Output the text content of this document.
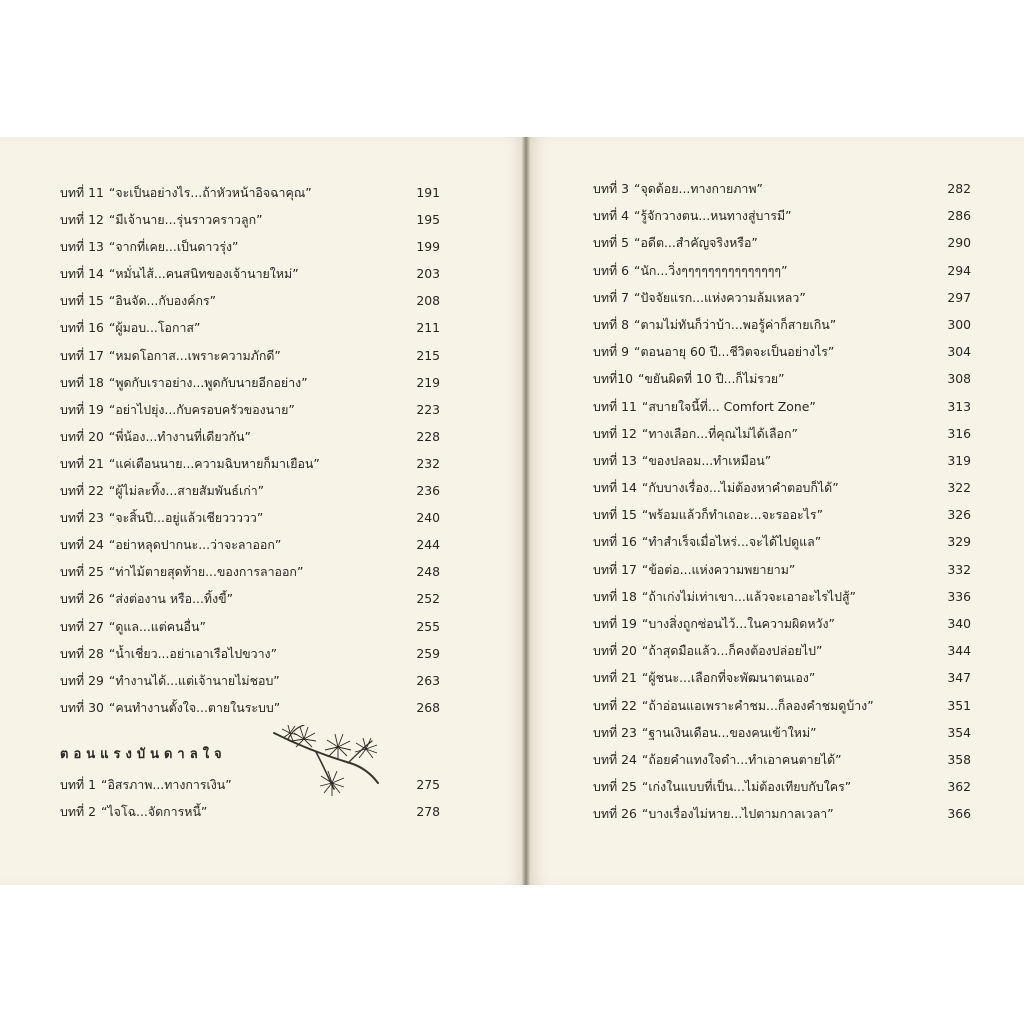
บทที่ 11 “จะเป็นอย่างไร...ถ้าหัวหน้าอิจฉาคุณ”	191
บทที่ 12 “มีเจ้านาย...รุ่นราวคราวลูก”	195
บทที่ 13 “จากที่เคย...เป็นดาวรุ่ง”	199
บทที่ 14 “หมั่นไส้...คนสนิทของเจ้านายใหม่”	203
บทที่ 15 “อินจัด...กับองค์กร”	208
บทที่ 16 “ผู้มอบ...โอกาส”	211
บทที่ 17 “หมดโอกาส...เพราะความภักดี”	215
บทที่ 18 “พูดกับเราอย่าง...พูดกับนายอีกอย่าง”	219
บทที่ 19 “อย่าไปยุ่ง...กับครอบครัวของนาย”	223
บทที่ 20 “พี่น้อง...ทำงานที่เดียวกัน”	228
บทที่ 21 “แค่เตือนนาย...ความฉิบหายก็มาเยือน”	232
บทที่ 22 “ผู้ไม่ละทิ้ง...สายสัมพันธ์เก่า”	236
บทที่ 23 “จะสิ้นปี...อยู่แล้วเชียววววว”	240
บทที่ 24 “อย่าหลุดปากนะ...ว่าจะลาออก”	244
บทที่ 25 “ท่าไม้ตายสุดท้าย...ของการลาออก”	248
บทที่ 26 “ส่งต่องาน หรือ...ทิ้งขี้”	252
บทที่ 27 “ดูแล...แต่คนอื่น”	255
บทที่ 28 “น้ำเชี่ยว...อย่าเอาเรือไปขวาง”	259
บทที่ 29 “ทำงานได้...แต่เจ้านายไม่ชอบ”	263
บทที่ 30 “คนทำงานตั้งใจ...ตายในระบบ”	268
ตอนแรงบันดาลใจ
บทที่ 1 “อิสรภาพ...ทางการเงิน”	275
บทที่ 2 “ไจโฉ...จัดการหนี้”	278
บทที่ 3 “จุดด้อย...ทางกายภาพ”	282
บทที่ 4 “รู้จักวางตน...หนทางสู่บารมี”	286
บทที่ 5 “อดีต...สำคัญจริงหรือ”	290
บทที่ 6 “นัก...วิ่งๆๆๆๆๆๆๆๆๆๆๆๆๆๆๆ”	294
บทที่ 7 “ปัจจัยแรก...แห่งความล้มเหลว”	297
บทที่ 8 “ตามไม่ทันก็ว่าบ้า...พอรู้ค่าก็สายเกิน”	300
บทที่ 9 “ตอนอายุ 60 ปี...ชีวิตจะเป็นอย่างไร”	304
บทที่10 “ขยันผิดที่ 10 ปี...ก็ไม่รวย”	308
บทที่ 11 “สบายใจนี้ที่... Comfort Zone”	313
บทที่ 12 “ทางเลือก...ที่คุณไม่ได้เลือก”	316
บทที่ 13 “ของปลอม...ทำเหมือน”	319
บทที่ 14 “กับบางเรื่อง...ไม่ต้องหาคำตอบก็ได้”	322
บทที่ 15 “พร้อมแล้วก็ทำเถอะ...จะรออะไร”	326
บทที่ 16 “ทำสำเร็จเมื่อไหร่...จะได้ไปดูแล”	329
บทที่ 17 “ข้อต่อ...แห่งความพยายาม”	332
บทที่ 18 “ถ้าเก่งไม่เท่าเขา...แล้วจะเอาอะไรไปสู้”	336
บทที่ 19 “บางสิ่งถูกซ่อนไว้...ในความผิดหวัง”	340
บทที่ 20 “ถ้าสุดมือแล้ว...ก็คงต้องปล่อยไป”	344
บทที่ 21 “ผู้ชนะ...เลือกที่จะพัฒนาตนเอง”	347
บทที่ 22 “ถ้าอ่อนแอเพราะคำชม...ก็ลองคำชมดูบ้าง”	351
บทที่ 23 “ฐานเงินเดือน...ของคนเข้าใหม่”	354
บทที่ 24 “ถ้อยคำแทงใจดำ...ทำเอาคนตายได้”	358
บทที่ 25 “เก่งในแบบที่เป็น...ไม่ต้องเทียบกับใคร”	362
บทที่ 26 “บางเรื่องไม่หาย...ไปตามกาลเวลา”	366
